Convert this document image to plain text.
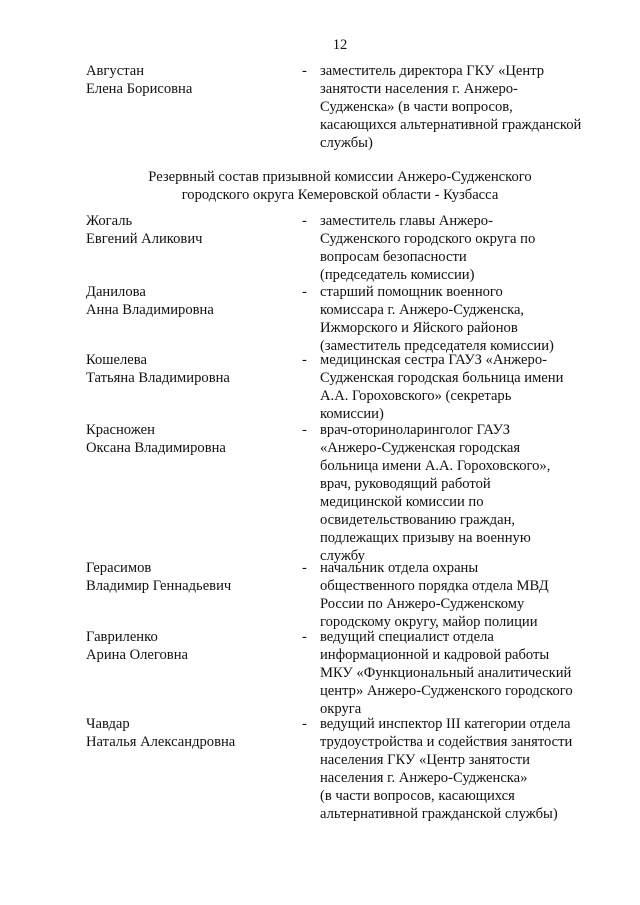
12
Августан
Елена Борисовна
- заместитель директора ГКУ «Центр
занятости населения г. Анжеро-
Судженска» (в части вопросов,
касающихся альтернативной гражданской
службы)
Резервный состав призывной комиссии Анжеро-Судженского
городского округа Кемеровской области - Кузбасса
Жогаль
Евгений Аликович
- заместитель главы Анжеро-
Судженского городского округа по
вопросам безопасности
(председатель комиссии)
Данилова
Анна Владимировна
- старший помощник военного
комиссара г. Анжеро-Судженска,
Ижморского и Яйского районов
(заместитель председателя комиссии)
Кошелева
Татьяна Владимировна
- медицинская сестра ГАУЗ «Анжеро-
Судженская городская больница имени
А.А. Гороховского» (секретарь
комиссии)
Красножен
Оксана Владимировна
- врач-оториноларинголог ГАУЗ
«Анжеро-Судженская городская
больница имени А.А. Гороховского»,
врач, руководящий работой
медицинской комиссии по
освидетельствованию граждан,
подлежащих призыву на военную
службу
Герасимов
Владимир Геннадьевич
- начальник отдела охраны
общественного порядка отдела МВД
России по Анжеро-Судженскому
городскому округу, майор полиции
Гавриленко
Арина Олеговна
- ведущий специалист отдела
информационной и кадровой работы
МКУ «Функциональный аналитический
центр» Анжеро-Судженского городского
округа
Чавдар
Наталья Александровна
- ведущий инспектор III категории отдела
трудоустройства и содействия занятости
населения ГКУ «Центр занятости
населения г. Анжеро-Судженска»
(в части вопросов, касающихся
альтернативной гражданской службы)
